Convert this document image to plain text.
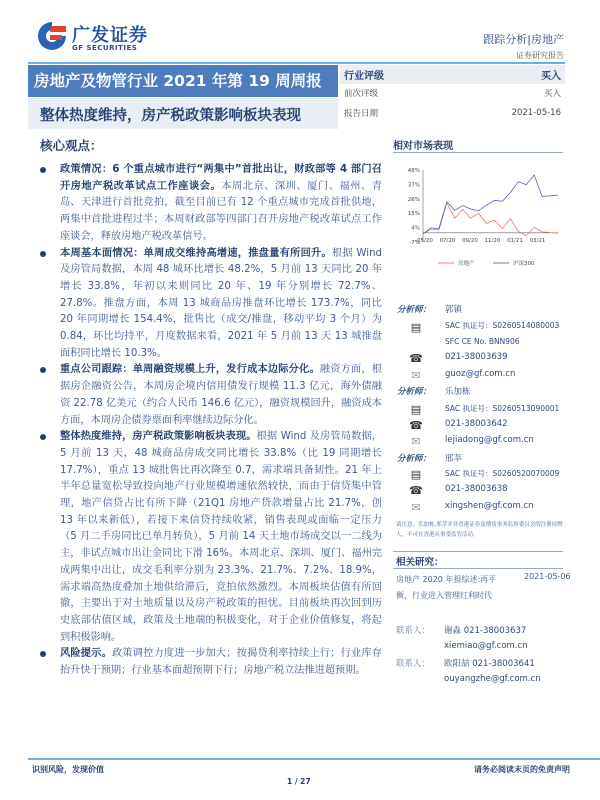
广发证券
GF SECURITIES
跟踪分析|房地产
证券研究报告
房地产及物管行业 2021 年第 19 周周报
整体热度维持，房产税政策影响板块表现
行业评级	买入
前次评级	买入
报告日期	2021-05-16
核心观点：
政策情况：6 个重点城市进行“两集中”首批出让，财政部等 4 部门召开房地产税改革试点工作座谈会。本周北京、深圳、厦门、福州、青岛、天津进行首批竞拍，截至目前已有 12 个重点城市完成首批供地，两集中首批进程过半；本周财政部等四部门召开房地产税改革试点工作座谈会，释放房地产税改革信号。
本周基本面情况：单周成交维持高增速，推盘量有所回升。根据 Wind 及房管局数据，本周 48 城环比增长 48.2%，5 月前 13 天同比 20 年增长 33.8%，年初以来则同比 20 年、19 年分别增长 72.7%、27.8%。推盘方面，本周 13 城商品房推盘环比增长 173.7%，同比 20 年同期增长 154.4%，批售比（成交/推盘，移动平均 3 个月）为 0.84，环比均持平，月度数据来看，2021 年 5 月前 13 天 13 城推盘面积同比增长 10.3%。
重点公司跟踪：单周融资规模上升，发行成本边际分化。融资方面，根据房企融资公告，本周房企境内信用债发行规模 11.3 亿元，海外债融资 22.78 亿美元（约合人民币 146.6 亿元），融资规模回升，融资成本方面，本周房企债券票面利率继续边际分化。
整体热度维持，房产税政策影响板块表现。根据 Wind 及房管局数据，5 月前 13 天，48 城商品房成交同比增长 33.8%（比 19 同期增长 17.7%），重点 13 城批售比再次降至 0.7，需求端具备韧性。21 年上半年总量宽松导致投向地产行业规模增速依然较快，而由于信贷集中管理，地产信贷占比有所下降（21Q1 房地产贷款增量占比 21.7%，创 13 年以来新低），若接下来信贷持续收紧，销售表现或面临一定压力（5 月二手房同比已单月转负），5 月前 14 天土地市场成交以一二线为主，非试点城市出让金同比下滑 16%。本周北京、深圳、厦门、福州完成两集中出让，成交毛利率分别为 23.3%、21.7%、7.2%、18.9%，需求端高热度叠加土地供给滞后，竞拍依然激烈。本周板块估值有所回撤，主要出于对土地质量以及房产税政策的担忧。目前板块再次回到历史底部估值区域，政策及土地端的积极变化，对于企业价值修复，将起到积极影响。
风险提示。政策调控力度进一步加大；按揭贷利率持续上行；行业库存抬升快于预期；行业基本面超预期下行；房地产税立法推进超预期。
相对市场表现
48%
37%
26%
15%
4%
-7%
05/20 07/20 09/20 11/20 01/21 03/21
房地产	沪深300
分析师： 郭镇
▤	SAC 执证号：S0260514080003
SFC CE No. BNN906
☎	021-38003639
✉	guoz@gf.com.cn
分析师： 乐加栋
▤	SAC 执证号：S0260513090001
☎	021-38003642
✉	lejiadong@gf.com.cn
分析师： 邢莘
▤	SAC 执证号：S0260520070009
☎	021-38003638
✉	xingshen@gf.com.cn
请注意，乐加栋,邢莘并非香港证券及期货事务监察委员会的注册持牌人，不可在香港从事受监管活动。
相关研究：
房地产 2020 年报综述:再平衡，行业进入管理红利时代
2021-05-06
联系人： 谢淼 021-38003637
xiemiao@gf.com.cn
联系人： 欧阳喆 021-38003641
ouyangzhe@gf.com.cn
识别风险，发现价值	请务必阅读末页的免责声明
1 / 27
